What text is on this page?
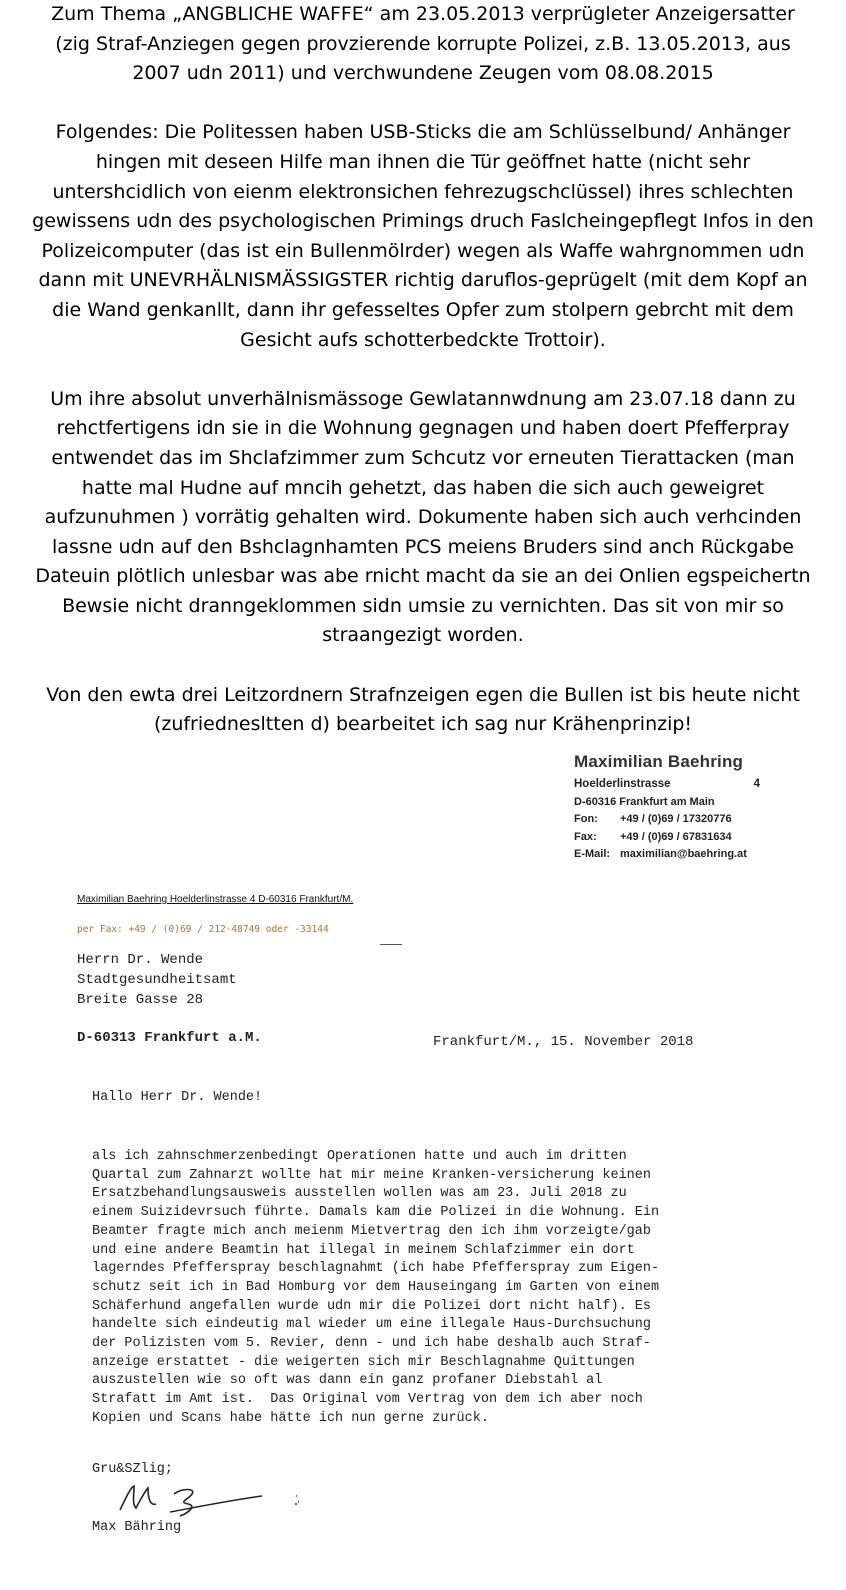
Zum Thema „ANGBLICHE WAFFE“ am 23.05.2013 verprügleter Anzeigersatter
(zig Straf-Anziegen gegen provzierende korrupte Polizei, z.B. 13.05.2013, aus
2007 udn 2011) und verchwundene Zeugen vom 08.08.2015

Folgendes: Die Politessen haben USB-Sticks die am Schlüsselbund/ Anhänger
hingen mit deseen Hilfe man ihnen die Tür geöffnet hatte (nicht sehr
untershcidlich von eienm elektronsichen fehrezugschclüssel) ihres schlechten
gewissens udn des psychologischen Primings druch Faslcheingepflegt Infos in den
Polizeicomputer (das ist ein Bullenmölrder) wegen als Waffe wahrgnommen udn
dann mit UNEVRHÄLNISMÄSSIGSTER richtig daruflos-geprügelt (mit dem Kopf an
die Wand genkanllt, dann ihr gefesseltes Opfer zum stolpern gebrcht mit dem
Gesicht aufs schotterbedckte Trottoir).

Um ihre absolut unverhälnismässoge Gewlatannwdnung am 23.07.18 dann zu
rehctfertigens idn sie in die Wohnung gegnagen und haben doert Pfefferpray
entwendet das im Shclafzimmer zum Schcutz vor erneuten Tierattacken (man
hatte mal Hudne auf mncih gehetzt, das haben die sich auch geweigret
aufzunuhmen ) vorrätig gehalten wird. Dokumente haben sich auch verhcinden
lassne udn auf den Bshclagnhamten PCS meiens Bruders sind anch Rückgabe
Dateuin plötlich unlesbar was abe rnicht macht da sie an dei Onlien egspeichertn
Bewsie nicht dranngeklommen sidn umsie zu vernichten. Das sit von mir so
straangezigt worden.

Von den ewta drei Leitzordnern Strafnzeigen egen die Bullen ist bis heute nicht
(zufriednesltten d) bearbeitet ich sag nur Krähenprinzip!

Maximilian Baehring
Hoelderlinstrasse	4
D-60316 Frankfurt am Main
Fon:	+49 / (0)69 / 17320776
Fax:	+49 / (0)69 / 67831634
E-Mail: maximilian@baehring.at
Maximilian Baehring Hoelderlinstrasse 4 D-60316 Frankfurt/M.
per Fax: +49 / (0)69 / 212-48749 oder -33144
Herrn Dr. Wende
Stadtgesundheitsamt
Breite Gasse 28
D-60313 Frankfurt a.M.	Frankfurt/M., 15. November 2018
Hallo Herr Dr. Wende!
als ich zahnschmerzenbedingt Operationen hatte und auch im dritten
Quartal zum Zahnarzt wollte hat mir meine Kranken-versicherung keinen
Ersatzbehandlungsausweis ausstellen wollen was am 23. Juli 2018 zu
einem Suizidevrsuch führte. Damals kam die Polizei in die Wohnung. Ein
Beamter fragte mich anch meienm Mietvertrag den ich ihm vorzeigte/gab
und eine andere Beamtin hat illegal in meinem Schlafzimmer ein dort
lagerndes Pfefferspray beschlagnahmt (ich habe Pfefferspray zum Eigen-
schutz seit ich in Bad Homburg vor dem Hauseingang im Garten von einem
Schäferhund angefallen wurde udn mir die Polizei dort nicht half). Es
handelte sich eindeutig mal wieder um eine illegale Haus-Durchsuchung
der Polizisten vom 5. Revier, denn - und ich habe deshalb auch Straf-
anzeige erstattet - die weigerten sich mir Beschlagnahme Quittungen
auszustellen wie so oft was dann ein ganz profaner Diebstahl al
Strafatt im Amt ist.  Das Original vom Vertrag von dem ich aber noch
Kopien und Scans habe hätte ich nun gerne zurück.
Gru&SZlig;
Max Bähring
